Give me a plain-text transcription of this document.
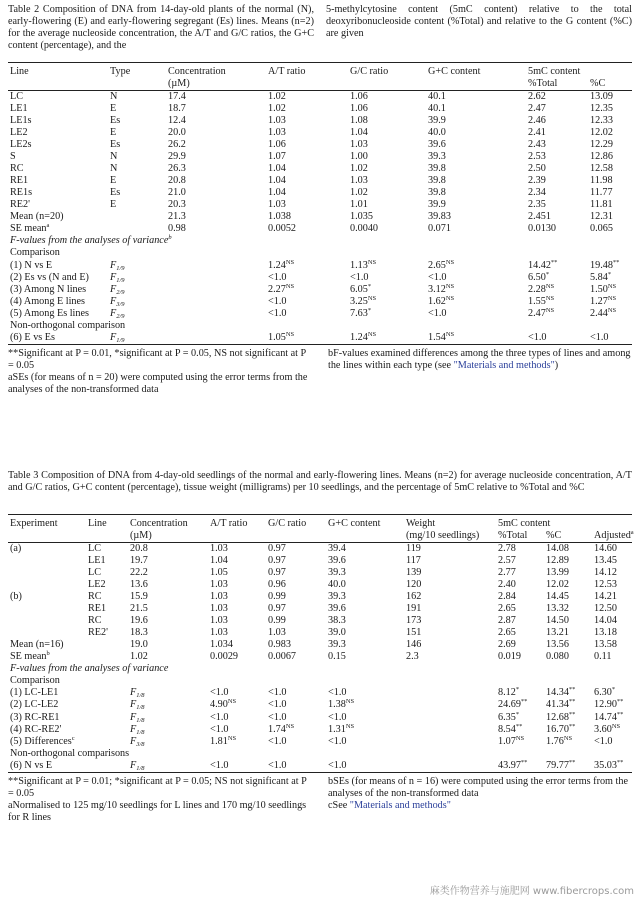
Table 2 Composition of DNA from 14-day-old plants of the normal (N), early-flowering (E) and early-flowering segregant (Es) lines. Means (n=2) for the average nucleoside concentration, the A/T and G/C ratios, the G+C content (percentage), and the
5-methylcytosine content (5mC content) relative to the total deoxyribonucleoside content (%Total) and relative to the G content (%C) are given
Line	Type	Concentration	A/T ratio	G/C ratio	G+C content	5mC content	
		(µM)				%Total	%C
LC	N	17.4	1.02	1.06	40.1	2.62	13.09
LE1	E	18.7	1.02	1.06	40.1	2.47	12.35
LE1s	Es	12.4	1.03	1.08	39.9	2.46	12.33
LE2	E	20.0	1.03	1.04	40.0	2.41	12.02
LE2s	Es	26.2	1.06	1.03	39.6	2.43	12.29
S	N	29.9	1.07	1.00	39.3	2.53	12.86
RC	N	26.3	1.04	1.02	39.8	2.50	12.58
RE1	E	20.8	1.04	1.03	39.8	2.39	11.98
RE1s	Es	21.0	1.04	1.02	39.8	2.34	11.77
RE2'	E	20.3	1.03	1.01	39.9	2.35	11.81
Mean (n=20)		21.3	1.038	1.035	39.83	2.451	12.31
SE mean$^a$		0.98	0.0052	0.0040	0.071	0.0130	0.065
F-values from the analyses of variance$^b$
Comparison							
(1) N vs E	$F_{1/9}$		$1.24^{NS}$	$1.13^{NS}$	$2.65^{NS}$	14.42**	19.48**
(2) Es vs (N and E)	$F_{1/9}$		<1.0	<1.0	<1.0	6.50*	5.84*
(3) Among N lines	$F_{2/9}$		$2.27^{NS}$	6.05*	$3.12^{NS}$	$2.28^{NS}$	$1.50^{NS}$
(4) Among E lines	$F_{3/9}$		<1.0	$3.25^{NS}$	$1.62^{NS}$	$1.55^{NS}$	$1.27^{NS}$
(5) Among Es lines	$F_{2/9}$		<1.0	7.63*	<1.0	$2.47^{NS}$	$2.44^{NS}$
Non-orthogonal comparison							
(6) E vs Es	$F_{1/9}$		$1.05^{NS}$	$1.24^{NS}$	$1.54^{NS}$	<1.0	<1.0
**Significant at P = 0.01, *significant at P = 0.05, NS not significant at P = 0.05
aSEs (for means of n = 20) were computed using the error terms from the analyses of the non-transformed data
bF-values examined differences among the three types of lines and among the lines within each type (see "Materials and methods")
Table 3 Composition of DNA from 4-day-old seedlings of the normal and early-flowering lines. Means (n=2) for average nucleoside concentration, A/T and G/C ratios, G+C content (percentage), tissue weight (milligrams) per 10 seedlings, and the percentage of 5mC relative to %Total and %C
Experiment	Line	Concentration	A/T ratio	G/C ratio	G+C content	Weight	5mC content		
		(µM)				(mg/10 seedlings)	%Total	%C	Adjusted$^a$
(a)	LC	20.8	1.03	0.97	39.4	119	2.78	14.08	14.60
	LE1	19.7	1.04	0.97	39.6	117	2.57	12.89	13.45
	LC	22.2	1.05	0.97	39.3	139	2.77	13.99	14.12
	LE2	13.6	1.03	0.96	40.0	120	2.40	12.02	12.53
(b)	RC	15.9	1.03	0.99	39.3	162	2.84	14.45	14.21
	RE1	21.5	1.03	0.97	39.6	191	2.65	13.32	12.50
	RC	19.6	1.03	0.99	38.3	173	2.87	14.50	14.04
	RE2'	18.3	1.03	1.03	39.0	151	2.65	13.21	13.18
Mean (n=16)		19.0	1.034	0.983	39.3	146	2.69	13.56	13.58
SE mean$^b$		1.02	0.0029	0.0067	0.15	2.3	0.019	0.080	0.11
F-values from the analyses of variance									
Comparison									
(1) LC-LE1		$F_{1/8}$	<1.0	<1.0	<1.0		8.12*	14.34**	6.30*
(2) LC-LE2		$F_{1/8}$	$4.90^{NS}$	<1.0	$1.38^{NS}$		24.69**	41.34**	12.90**
(3) RC-RE1		$F_{1/8}$	<1.0	<1.0	<1.0		6.35*	12.68**	14.74**
(4) RC-RE2'		$F_{1/8}$	<1.0	$1.74^{NS}$	$1.31^{NS}$		8.54**	16.70**	$3.60^{NS}$
(5) Differences$^c$		$F_{3/8}$	$1.81^{NS}$	<1.0	<1.0		$1.07^{NS}$	$1.76^{NS}$	<1.0
Non-orthogonal comparisons									
(6) N vs E		$F_{1/8}$	<1.0	<1.0	<1.0		43.97**	79.77**	35.03**
**Significant at P = 0.01; *significant at P = 0.05; NS not significant at P = 0.05
aNormalised to 125 mg/10 seedlings for L lines and 170 mg/10 seedlings for R lines
bSEs (for means of n = 16) were computed using the error terms from the analyses of the non-transformed data
cSee "Materials and methods"
麻类作物营养与施肥网 www.fibercrops.com
